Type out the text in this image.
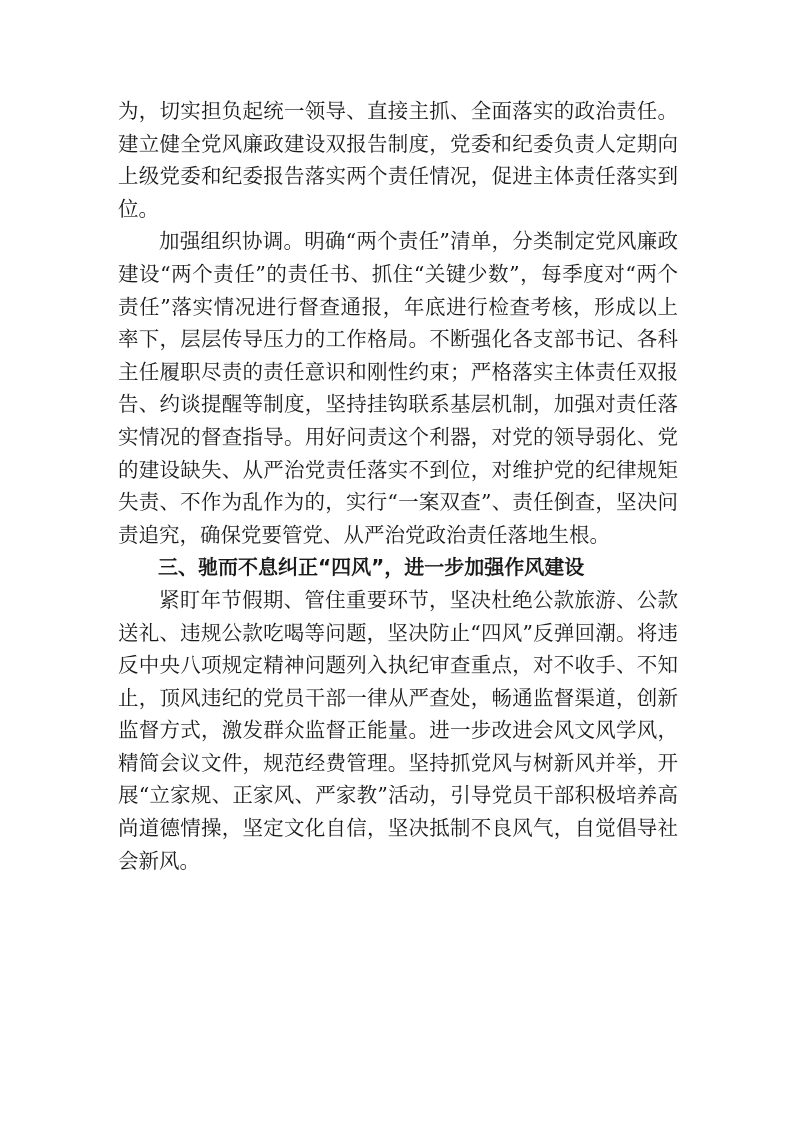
为，切实担负起统一领导、直接主抓、全面落实的政治责任。建立健全党风廉政建设双报告制度，党委和纪委负责人定期向上级党委和纪委报告落实两个责任情况，促进主体责任落实到位。

加强组织协调。明确“两个责任”清单，分类制定党风廉政建设“两个责任”的责任书、抓住“关键少数”，每季度对“两个责任”落实情况进行督查通报，年底进行检查考核，形成以上率下，层层传导压力的工作格局。不断强化各支部书记、各科主任履职尽责的责任意识和刚性约束；严格落实主体责任双报告、约谈提醒等制度，坚持挂钩联系基层机制，加强对责任落实情况的督查指导。用好问责这个利器，对党的领导弱化、党的建设缺失、从严治党责任落实不到位，对维护党的纪律规矩失责、不作为乱作为的，实行“一案双查”、责任倒查，坚决问责追究，确保党要管党、从严治党政治责任落地生根。

三、驰而不息纠正“四风”，进一步加强作风建设

紧盯年节假期、管住重要环节，坚决杜绝公款旅游、公款送礼、违规公款吃喝等问题，坚决防止“四风”反弹回潮。将违反中央八项规定精神问题列入执纪审查重点，对不收手、不知止，顶风违纪的党员干部一律从严查处，畅通监督渠道，创新监督方式，激发群众监督正能量。进一步改进会风文风学风，精简会议文件，规范经费管理。坚持抓党风与树新风并举，开展“立家规、正家风、严家教”活动，引导党员干部积极培养高尚道德情操，坚定文化自信，坚决抵制不良风气，自觉倡导社会新风。
